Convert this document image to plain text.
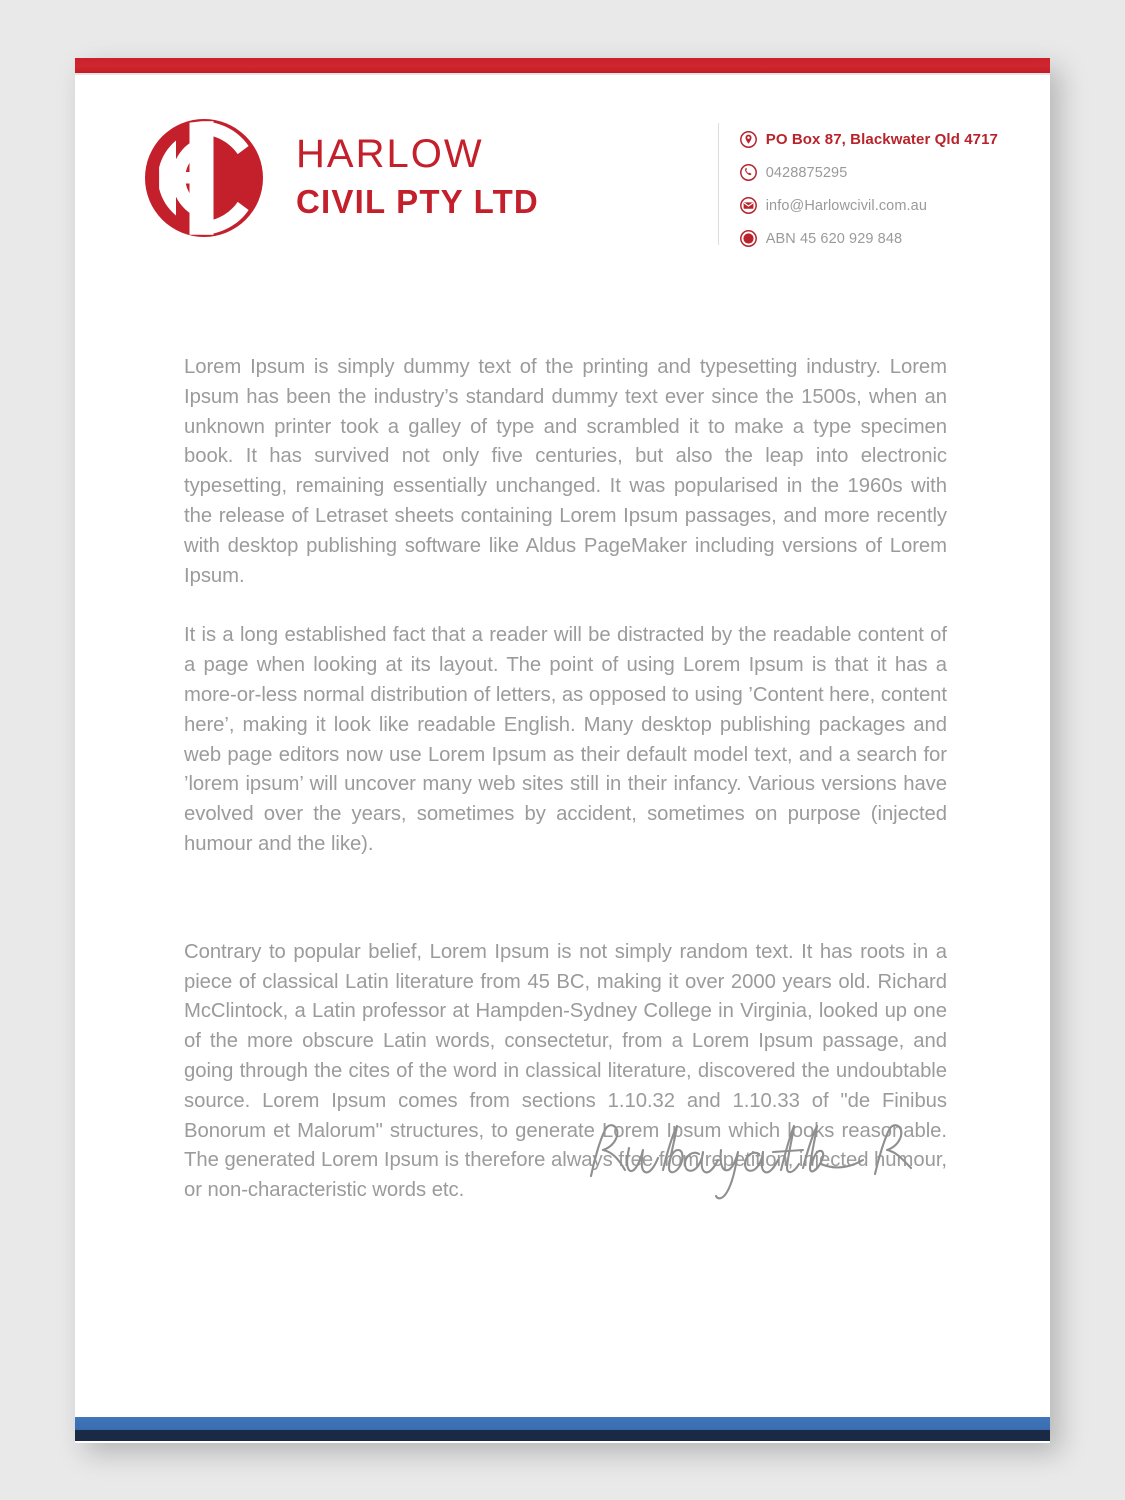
HARLOW
CIVIL PTY LTD
PO Box 87, Blackwater Qld 4717
0428875295
info@Harlowcivil.com.au
ABN 45 620 929 848

Lorem Ipsum is simply dummy text of the printing and typesetting industry. Lorem Ipsum has been the industry’s standard dummy text ever since the 1500s, when an unknown printer took a galley of type and scrambled it to make a type specimen book. It has survived not only five centuries, but also the leap into electronic typesetting, remaining essentially unchanged. It was popularised in the 1960s with the release of Letraset sheets containing Lorem Ipsum passages, and more recently with desktop publishing software like Aldus PageMaker including versions of Lorem Ipsum.

It is a long established fact that a reader will be distracted by the readable content of a page when looking at its layout. The point of using Lorem Ipsum is that it has a more-or-less normal distribution of letters, as opposed to using ’Content here, content here’, making it look like readable English. Many desktop publishing packages and web page editors now use Lorem Ipsum as their default model text, and a search for ’lorem ipsum’ will uncover many web sites still in their infancy. Various versions have evolved over the years, sometimes by accident, sometimes on purpose (injected humour and the like).

Contrary to popular belief, Lorem Ipsum is not simply random text. It has roots in a piece of classical Latin literature from 45 BC, making it over 2000 years old. Richard McClintock, a Latin professor at Hampden-Sydney College in Virginia, looked up one of the more obscure Latin words, consectetur, from a Lorem Ipsum passage, and going through the cites of the word in classical literature, discovered the undoubtable source. Lorem Ipsum comes from sections 1.10.32 and 1.10.33 of "de Finibus Bonorum et Malorum" structures, to generate Lorem Ipsum which looks reasonable. The generated Lorem Ipsum is therefore always free from repetition, injected humour, or non-characteristic words etc.
